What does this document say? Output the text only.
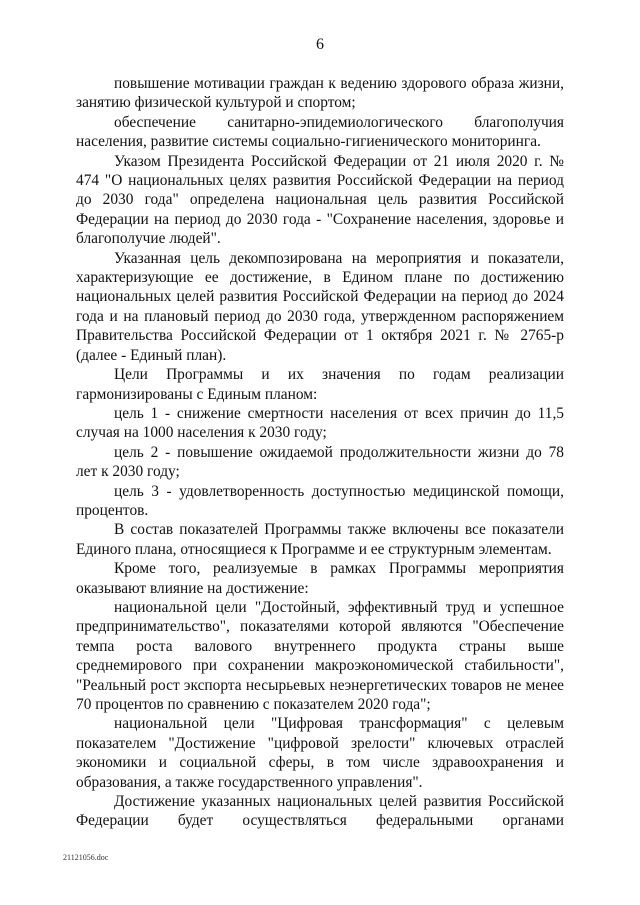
6

повышение мотивации граждан к ведению здорового образа жизни, занятию физической культурой и спортом;

обеспечение санитарно-эпидемиологического благополучия населения, развитие системы социально-гигиенического мониторинга.

Указом Президента Российской Федерации от 21 июля 2020 г. № 474 "О национальных целях развития Российской Федерации на период до 2030 года" определена национальная цель развития Российской Федерации на период до 2030 года - "Сохранение населения, здоровье и благополучие людей".

Указанная цель декомпозирована на мероприятия и показатели, характеризующие ее достижение, в Едином плане по достижению национальных целей развития Российской Федерации на период до 2024 года и на плановый период до 2030 года, утвержденном распоряжением Правительства Российской Федерации от 1 октября 2021 г. № 2765-р (далее - Единый план).

Цели Программы и их значения по годам реализации гармонизированы с Единым планом:

цель 1 - снижение смертности населения от всех причин до 11,5 случая на 1000 населения к 2030 году;

цель 2 - повышение ожидаемой продолжительности жизни до 78 лет к 2030 году;

цель 3 - удовлетворенность доступностью медицинской помощи, процентов.

В состав показателей Программы также включены все показатели Единого плана, относящиеся к Программе и ее структурным элементам.

Кроме того, реализуемые в рамках Программы мероприятия оказывают влияние на достижение:

национальной цели "Достойный, эффективный труд и успешное предпринимательство", показателями которой являются "Обеспечение темпа роста валового внутреннего продукта страны выше среднемирового при сохранении макроэкономической стабильности", "Реальный рост экспорта несырьевых неэнергетических товаров не менее 70 процентов по сравнению с показателем 2020 года";

национальной цели "Цифровая трансформация" с целевым показателем "Достижение "цифровой зрелости" ключевых отраслей экономики и социальной сферы, в том числе здравоохранения и образования, а также государственного управления".

Достижение указанных национальных целей развития Российской Федерации будет осуществляться федеральными органами

21121056.doc
